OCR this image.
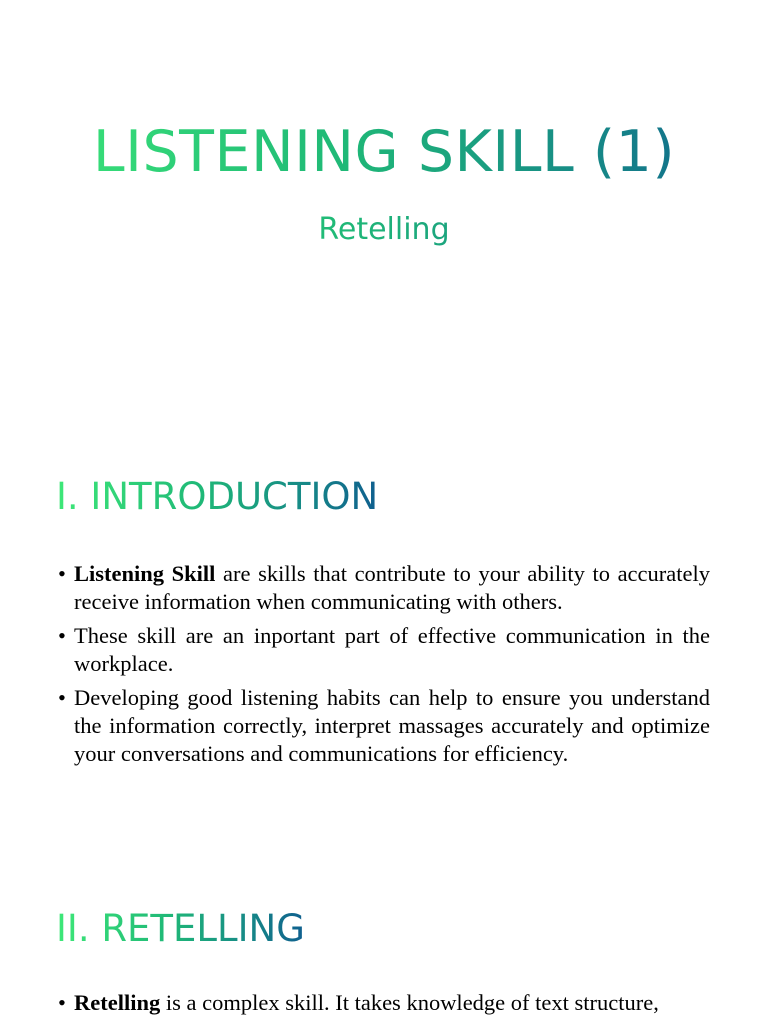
LISTENING SKILL (1)
Retelling
I. INTRODUCTION
• Listening Skill are skills that contribute to your ability to accurately receive information when communicating with others.
• These skill are an inportant part of effective communication in the workplace.
• Developing good listening habits can help to ensure you understand the information correctly, interpret massages accurately and optimize your conversations and communications for efficiency.
II. RETELLING
• Retelling is a complex skill. It takes knowledge of text structure,
